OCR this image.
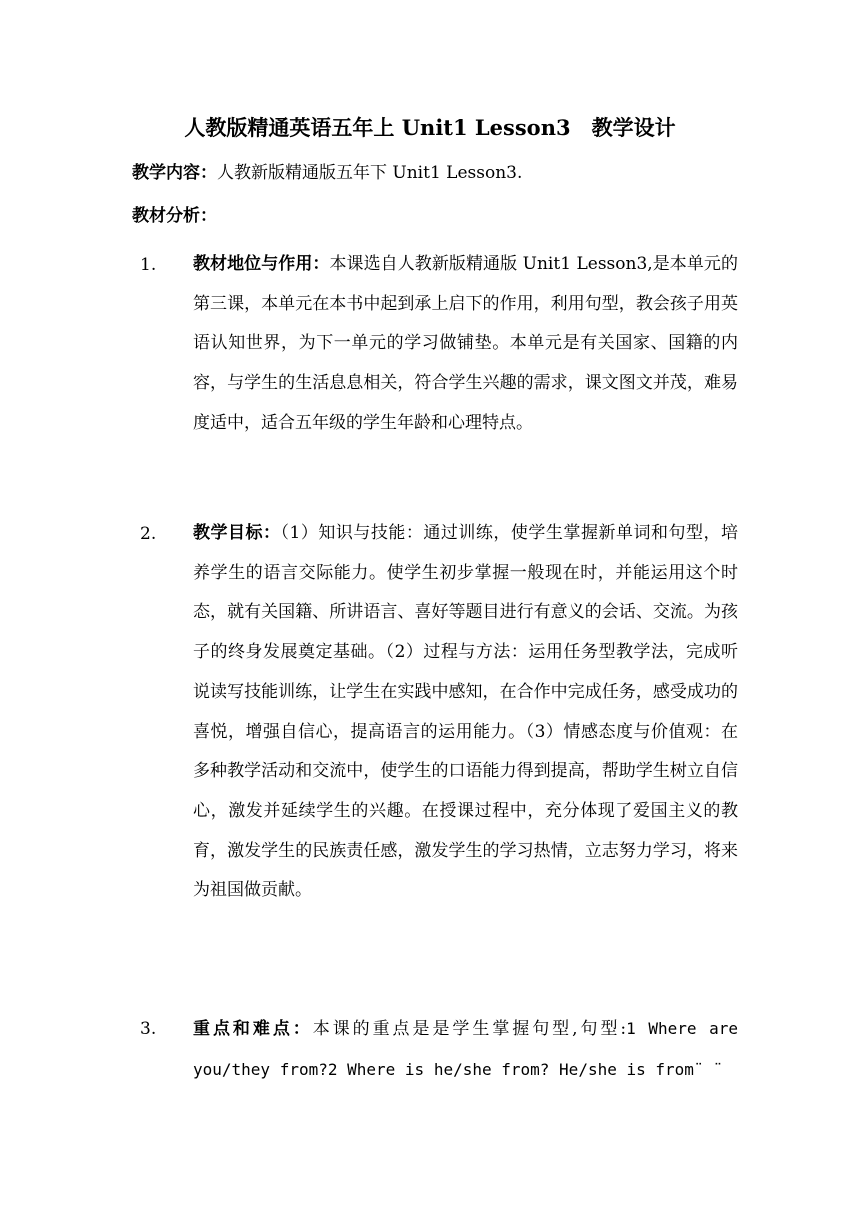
人教版精通英语五年上 Unit1 Lesson3　教学设计
教学内容：人教新版精通版五年下 Unit1 Lesson3.
教材分析：
1. 教材地位与作用：本课选自人教新版精通版 Unit1 Lesson3,是本单元的第三课，本单元在本书中起到承上启下的作用，利用句型，教会孩子用英语认知世界，为下一单元的学习做铺垫。本单元是有关国家、国籍的内容，与学生的生活息息相关，符合学生兴趣的需求，课文图文并茂，难易度适中，适合五年级的学生年龄和心理特点。
2. 教学目标：（1）知识与技能：通过训练，使学生掌握新单词和句型，培养学生的语言交际能力。使学生初步掌握一般现在时，并能运用这个时态，就有关国籍、所讲语言、喜好等题目进行有意义的会话、交流。为孩子的终身发展奠定基础。（2）过程与方法：运用任务型教学法，完成听说读写技能训练，让学生在实践中感知，在合作中完成任务，感受成功的喜悦，增强自信心，提高语言的运用能力。（3）情感态度与价值观：在多种教学活动和交流中，使学生的口语能力得到提高，帮助学生树立自信心，激发并延续学生的兴趣。在授课过程中，充分体现了爱国主义的教育，激发学生的民族责任感，激发学生的学习热情，立志努力学习，将来为祖国做贡献。
3. 重点和难点：本课的重点是是学生掌握句型,句型:1 Where are you/they from?2 Where is he/she from? He/she is from¨ ¨
